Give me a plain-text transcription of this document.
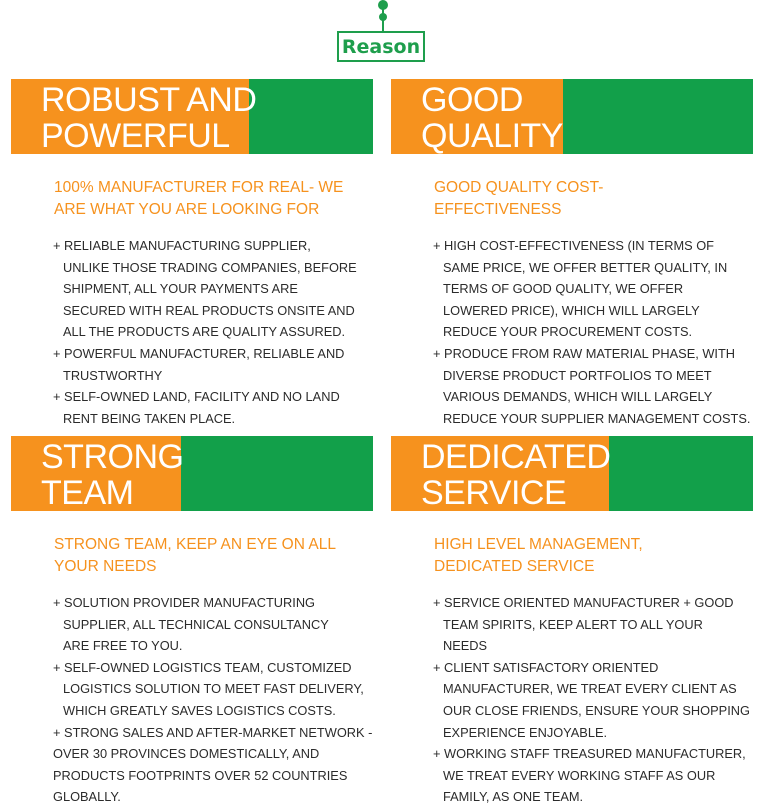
Reason
ROBUST AND
POWERFUL
100% MANUFACTURER FOR REAL- WE
ARE WHAT YOU ARE LOOKING FOR
+ RELIABLE MANUFACTURING SUPPLIER,
UNLIKE THOSE TRADING COMPANIES, BEFORE
SHIPMENT, ALL YOUR PAYMENTS ARE
SECURED WITH REAL PRODUCTS ONSITE AND
ALL THE PRODUCTS ARE QUALITY ASSURED.
+ POWERFUL MANUFACTURER, RELIABLE AND
TRUSTWORTHY
+ SELF-OWNED LAND, FACILITY AND NO LAND
RENT BEING TAKEN PLACE.
GOOD
QUALITY
GOOD QUALITY COST-
EFFECTIVENESS
+ HIGH COST-EFFECTIVENESS (IN TERMS OF
SAME PRICE, WE OFFER BETTER QUALITY, IN
TERMS OF GOOD QUALITY, WE OFFER
LOWERED PRICE), WHICH WILL LARGELY
REDUCE YOUR PROCUREMENT COSTS.
+ PRODUCE FROM RAW MATERIAL PHASE, WITH
DIVERSE PRODUCT PORTFOLIOS TO MEET
VARIOUS DEMANDS, WHICH WILL LARGELY
REDUCE YOUR SUPPLIER MANAGEMENT COSTS.
STRONG
TEAM
STRONG TEAM, KEEP AN EYE ON ALL
YOUR NEEDS
+ SOLUTION PROVIDER MANUFACTURING
SUPPLIER, ALL TECHNICAL CONSULTANCY
ARE FREE TO YOU.
+ SELF-OWNED LOGISTICS TEAM, CUSTOMIZED
LOGISTICS SOLUTION TO MEET FAST DELIVERY,
WHICH GREATLY SAVES LOGISTICS COSTS.
+ STRONG SALES AND AFTER-MARKET NETWORK -
OVER 30 PROVINCES DOMESTICALLY, AND
PRODUCTS FOOTPRINTS OVER 52 COUNTRIES
GLOBALLY.
DEDICATED
SERVICE
HIGH LEVEL MANAGEMENT,
DEDICATED SERVICE
+ SERVICE ORIENTED MANUFACTURER + GOOD
TEAM SPIRITS, KEEP ALERT TO ALL YOUR
NEEDS
+ CLIENT SATISFACTORY ORIENTED
MANUFACTURER, WE TREAT EVERY CLIENT AS
OUR CLOSE FRIENDS, ENSURE YOUR SHOPPING
EXPERIENCE ENJOYABLE.
+ WORKING STAFF TREASURED MANUFACTURER,
WE TREAT EVERY WORKING STAFF AS OUR
FAMILY, AS ONE TEAM.
